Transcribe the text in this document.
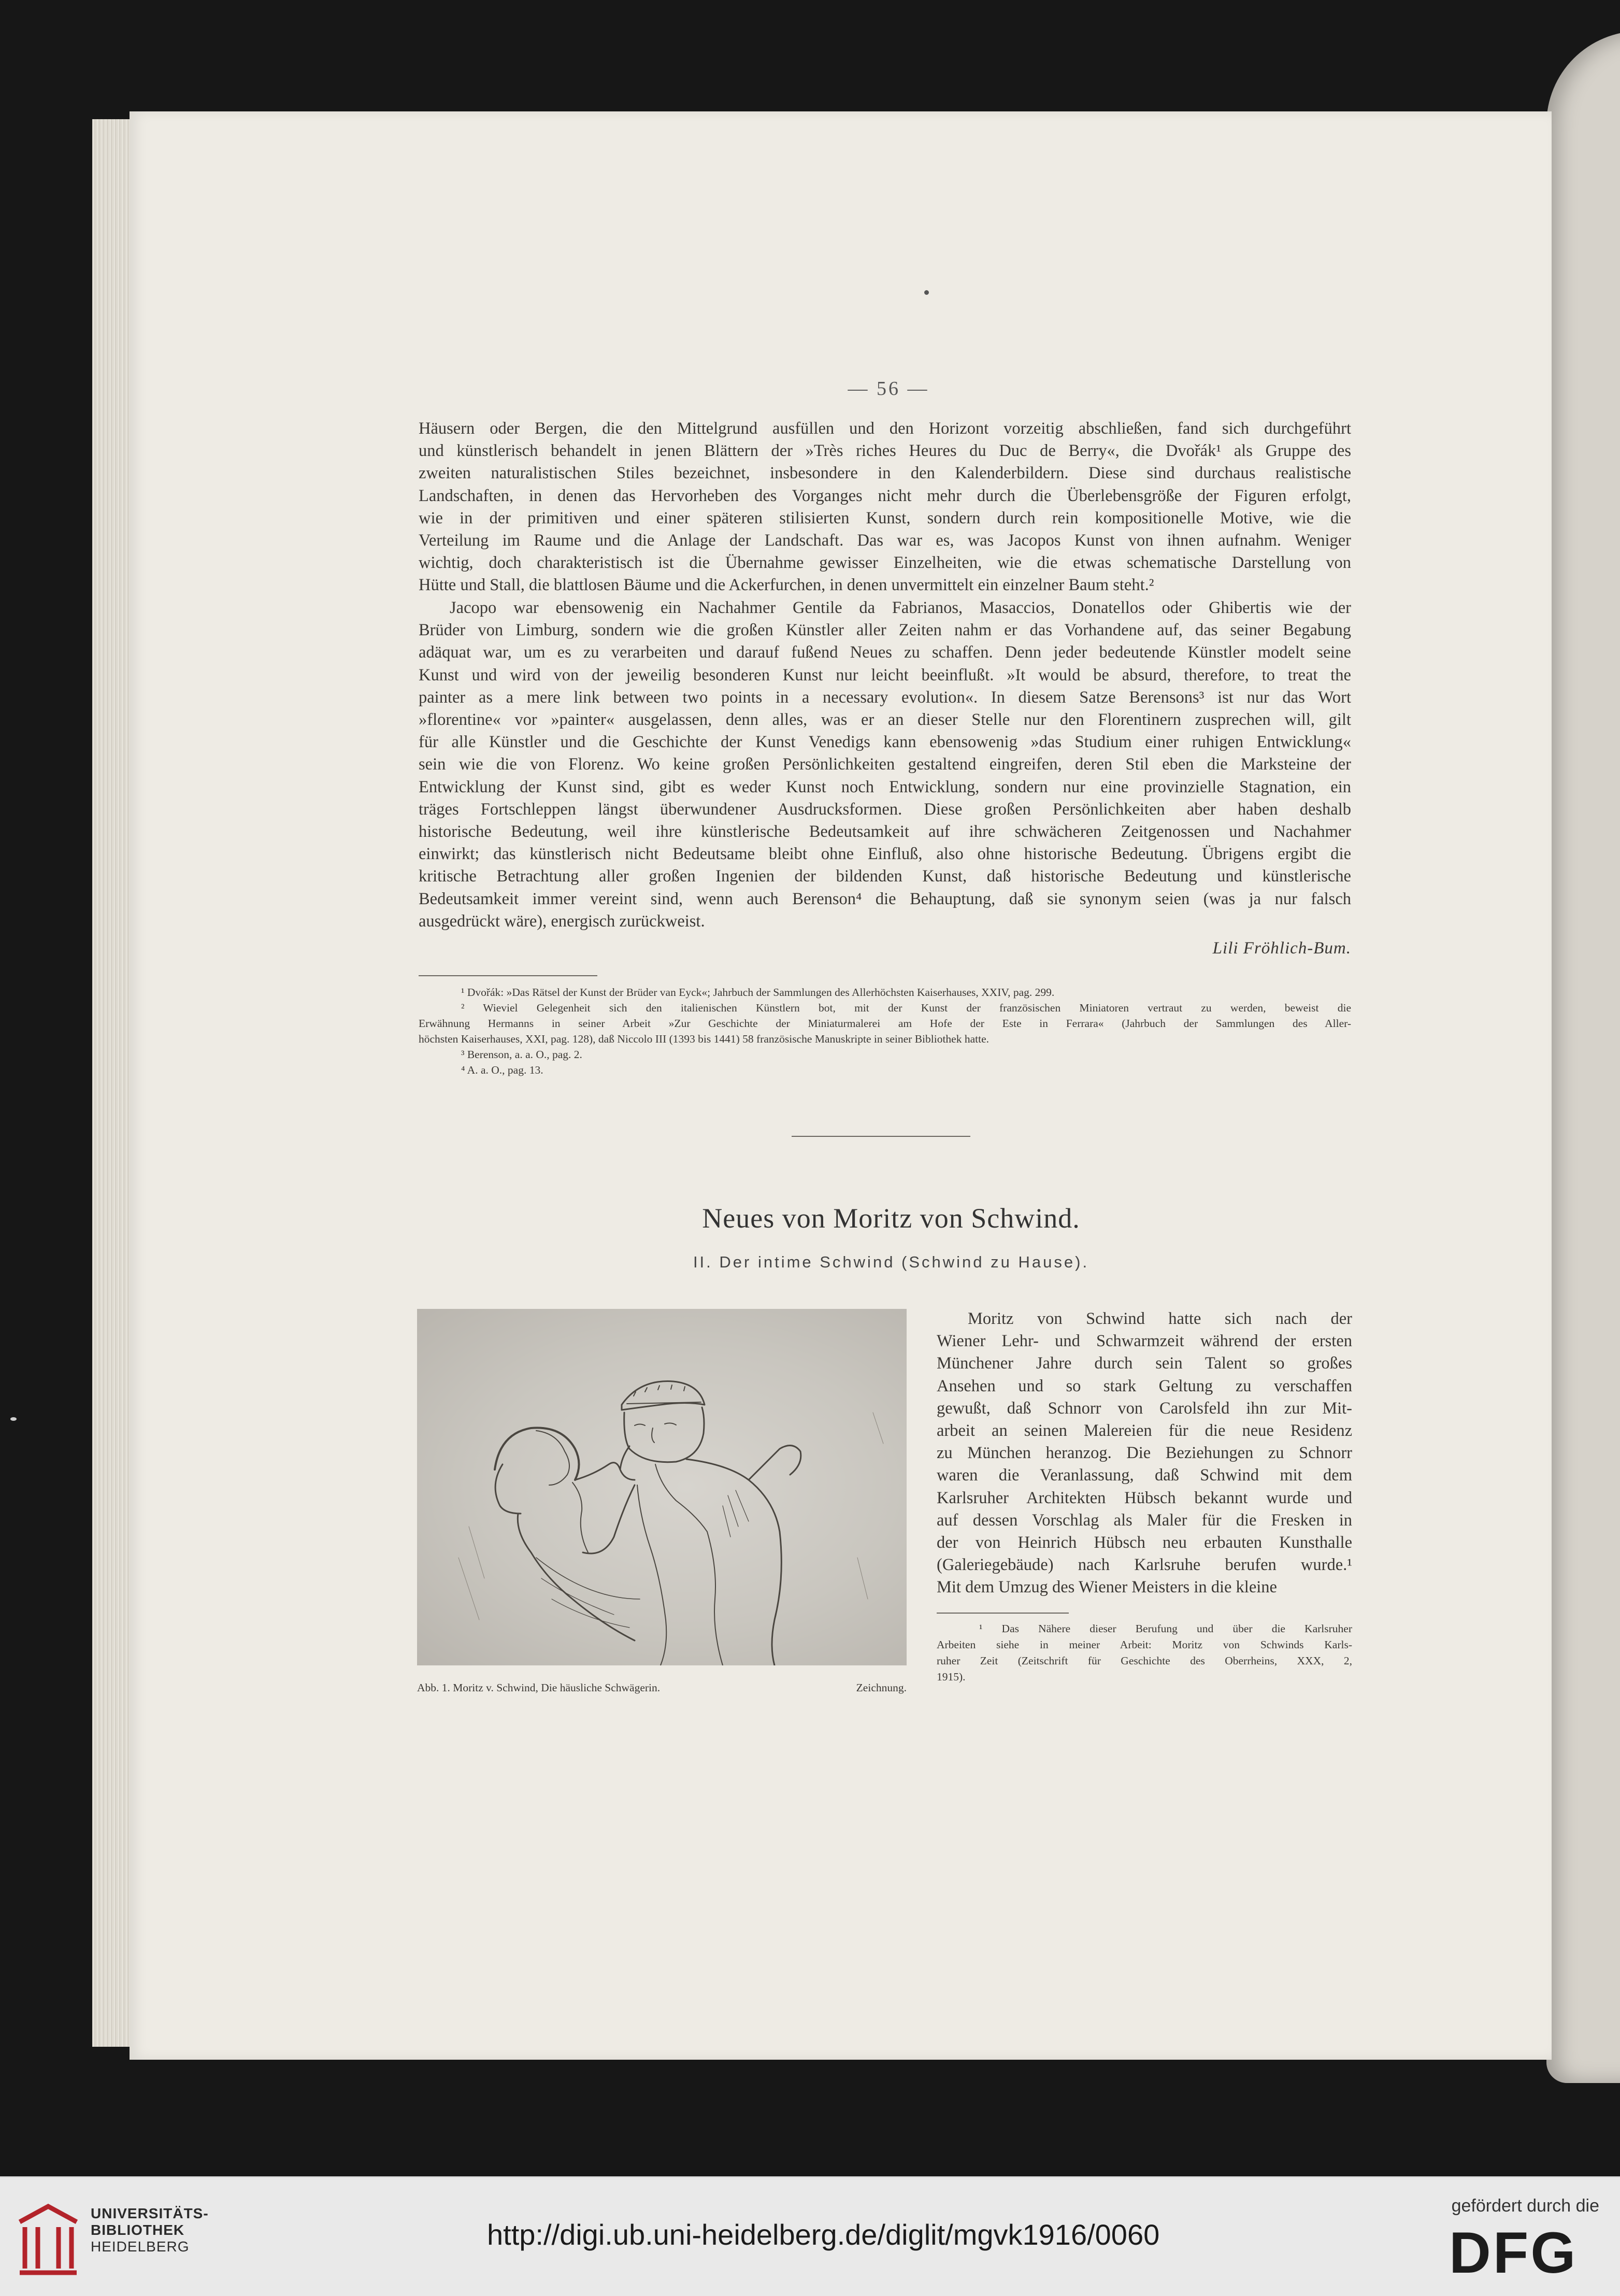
— 56 —
Häusern oder Bergen, die den Mittelgrund ausfüllen und den Horizont vorzeitig abschließen, fand sich durchgeführt
und künstlerisch behandelt in jenen Blättern der »Très riches Heures du Duc de Berry«, die Dvořák¹ als Gruppe des
zweiten naturalistischen Stiles bezeichnet, insbesondere in den Kalenderbildern. Diese sind durchaus realistische
Landschaften, in denen das Hervorheben des Vorganges nicht mehr durch die Überlebensgröße der Figuren erfolgt,
wie in der primitiven und einer späteren stilisierten Kunst, sondern durch rein kompositionelle Motive, wie die
Verteilung im Raume und die Anlage der Landschaft. Das war es, was Jacopos Kunst von ihnen aufnahm. Weniger
wichtig, doch charakteristisch ist die Übernahme gewisser Einzelheiten, wie die etwas schematische Darstellung von
Hütte und Stall, die blattlosen Bäume und die Ackerfurchen, in denen unvermittelt ein einzelner Baum steht.²
Jacopo war ebensowenig ein Nachahmer Gentile da Fabrianos, Masaccios, Donatellos oder Ghibertis wie der
Brüder von Limburg, sondern wie die großen Künstler aller Zeiten nahm er das Vorhandene auf, das seiner Begabung
adäquat war, um es zu verarbeiten und darauf fußend Neues zu schaffen. Denn jeder bedeutende Künstler modelt seine
Kunst und wird von der jeweilig besonderen Kunst nur leicht beeinflußt. »It would be absurd, therefore, to treat the
painter as a mere link between two points in a necessary evolution«. In diesem Satze Berensons³ ist nur das Wort
»florentine« vor »painter« ausgelassen, denn alles, was er an dieser Stelle nur den Florentinern zusprechen will, gilt
für alle Künstler und die Geschichte der Kunst Venedigs kann ebensowenig »das Studium einer ruhigen Entwicklung«
sein wie die von Florenz. Wo keine großen Persönlichkeiten gestaltend eingreifen, deren Stil eben die Marksteine der
Entwicklung der Kunst sind, gibt es weder Kunst noch Entwicklung, sondern nur eine provinzielle Stagnation, ein
träges Fortschleppen längst überwundener Ausdrucksformen. Diese großen Persönlichkeiten aber haben deshalb
historische Bedeutung, weil ihre künstlerische Bedeutsamkeit auf ihre schwächeren Zeitgenossen und Nachahmer
einwirkt; das künstlerisch nicht Bedeutsame bleibt ohne Einfluß, also ohne historische Bedeutung. Übrigens ergibt die
kritische Betrachtung aller großen Ingenien der bildenden Kunst, daß historische Bedeutung und künstlerische
Bedeutsamkeit immer vereint sind, wenn auch Berenson⁴ die Behauptung, daß sie synonym seien (was ja nur falsch
ausgedrückt wäre), energisch zurückweist.
Lili Fröhlich-Bum.
¹ Dvořák: »Das Rätsel der Kunst der Brüder van Eyck«; Jahrbuch der Sammlungen des Allerhöchsten Kaiserhauses, XXIV, pag. 299.
² Wieviel Gelegenheit sich den italienischen Künstlern bot, mit der Kunst der französischen Miniatoren vertraut zu werden, beweist die
Erwähnung Hermanns in seiner Arbeit »Zur Geschichte der Miniaturmalerei am Hofe der Este in Ferrara« (Jahrbuch der Sammlungen des Aller-
höchsten Kaiserhauses, XXI, pag. 128), daß Niccolo III (1393 bis 1441) 58 französische Manuskripte in seiner Bibliothek hatte.
³ Berenson, a. a. O., pag. 2.
⁴ A. a. O., pag. 13.
Neues von Moritz von Schwind.
II. Der intime Schwind (Schwind zu Hause).
Abb. 1. Moritz v. Schwind, Die häusliche Schwägerin.	Zeichnung.
Moritz von Schwind hatte sich nach der
Wiener Lehr- und Schwarmzeit während der ersten
Münchener Jahre durch sein Talent so großes
Ansehen und so stark Geltung zu verschaffen
gewußt, daß Schnorr von Carolsfeld ihn zur Mit-
arbeit an seinen Malereien für die neue Residenz
zu München heranzog. Die Beziehungen zu Schnorr
waren die Veranlassung, daß Schwind mit dem
Karlsruher Architekten Hübsch bekannt wurde und
auf dessen Vorschlag als Maler für die Fresken in
der von Heinrich Hübsch neu erbauten Kunsthalle
(Galeriegebäude) nach Karlsruhe berufen wurde.¹
Mit dem Umzug des Wiener Meisters in die kleine
¹ Das Nähere dieser Berufung und über die Karlsruher
Arbeiten siehe in meiner Arbeit: Moritz von Schwinds Karls-
ruher Zeit (Zeitschrift für Geschichte des Oberrheins, XXX, 2,
1915).
UNIVERSITÄTS-
BIBLIOTHEK
HEIDELBERG	http://digi.ub.uni-heidelberg.de/diglit/mgvk1916/0060
gefördert durch die
DFG
